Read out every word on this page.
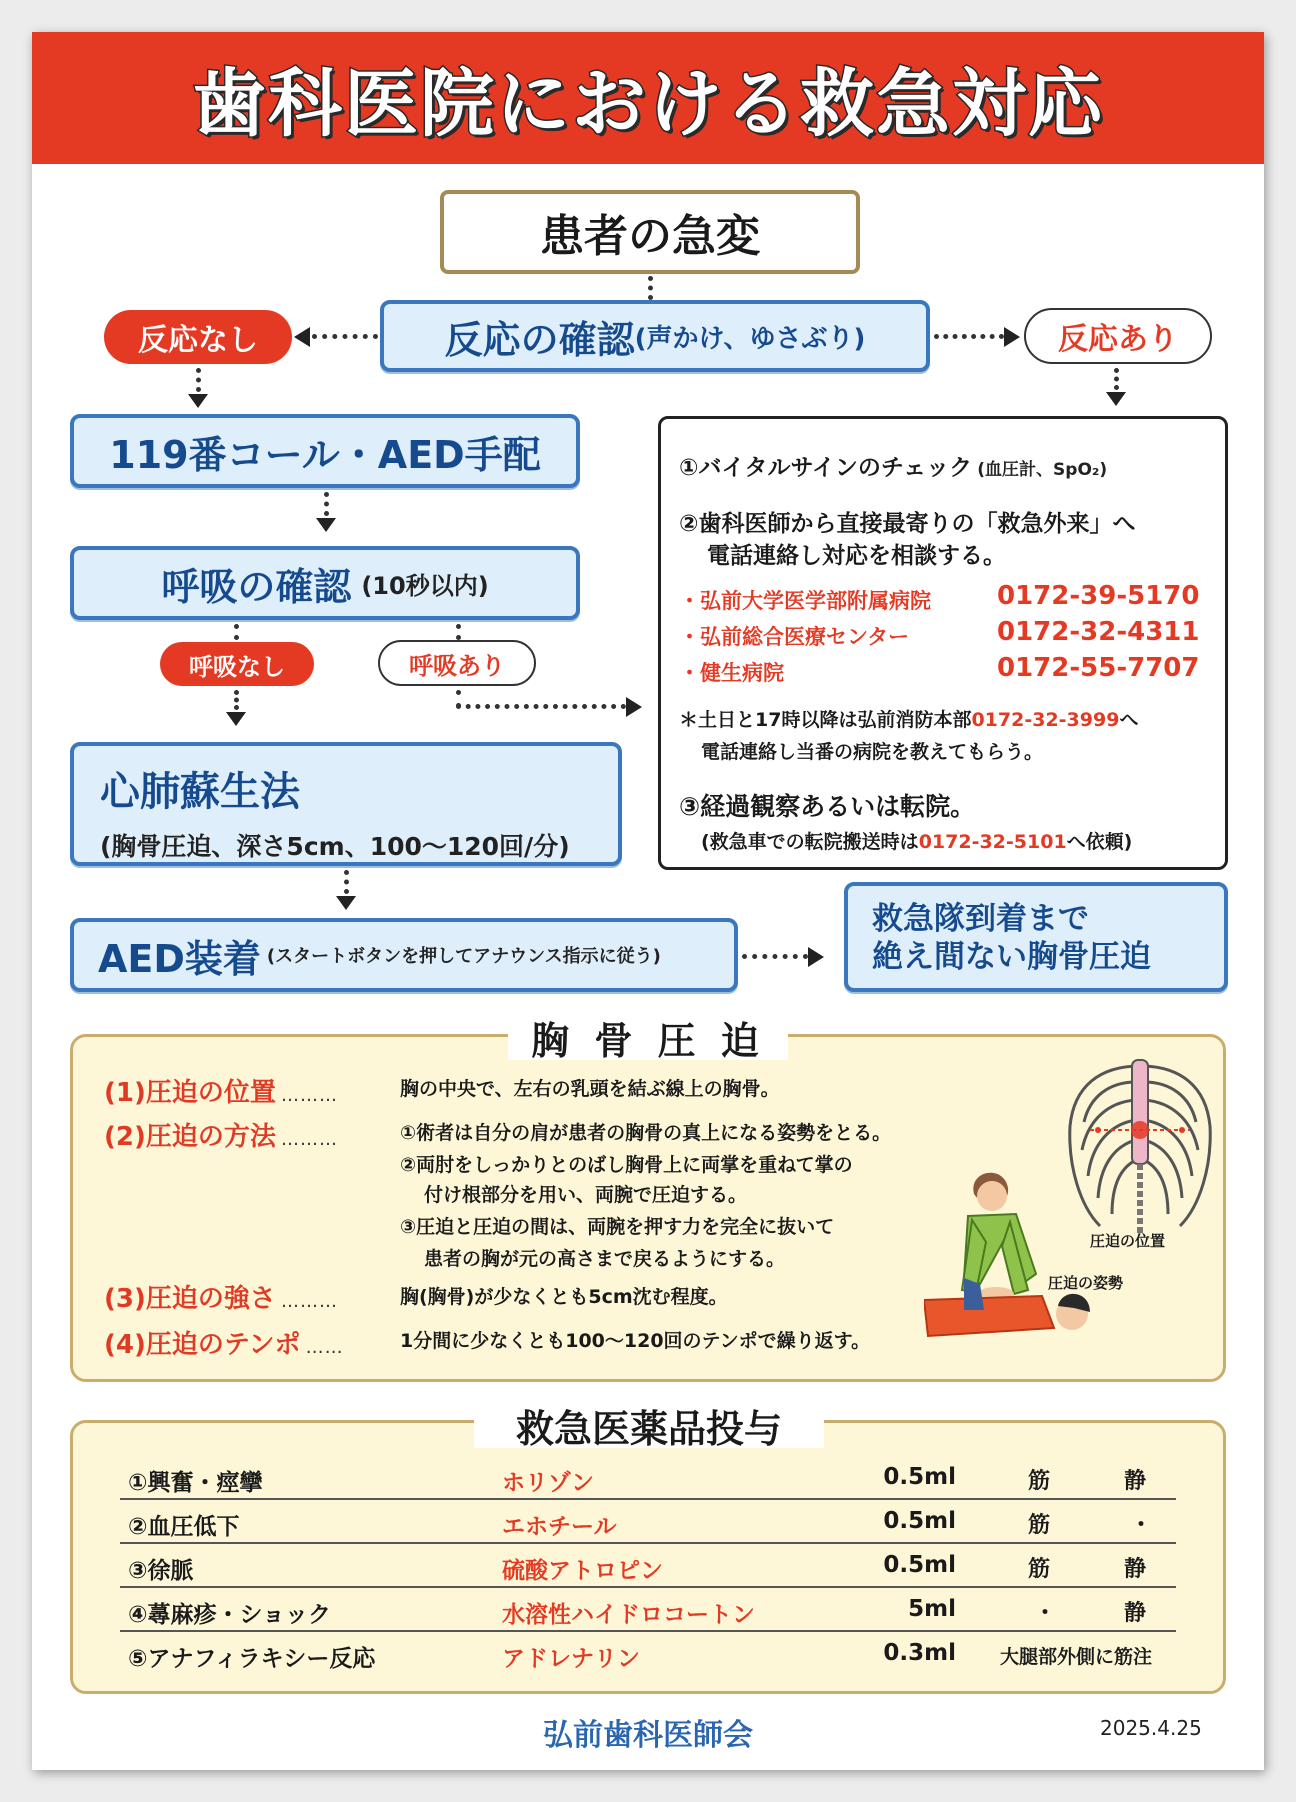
歯科医院における救急対応
患者の急変
反応の確認 (声かけ、ゆさぶり)
反応なし	反応あり
119番コール・AED手配
呼吸の確認 (10秒以内)
呼吸なし	呼吸あり
心肺蘇生法
(胸骨圧迫、深さ5cm、100〜120回/分)
AED装着 (スタートボタンを押してアナウンス指示に従う)
救急隊到着まで
絶え間ない胸骨圧迫
①バイタルサインのチェック (血圧計、SpO₂)
②歯科医師から直接最寄りの「救急外来」へ
電話連絡し対応を相談する。
・弘前大学医学部附属病院	0172-39-5170
・弘前総合医療センター	0172-32-4311
・健生病院	0172-55-7707
＊土日と17時以降は弘前消防本部0172-32-3999へ
電話連絡し当番の病院を教えてもらう。
③経過観察あるいは転院。
(救急車での転院搬送時は0172-32-5101へ依頼)
胸 骨 圧 迫
(1)圧迫の位置 ………	胸の中央で、左右の乳頭を結ぶ線上の胸骨。
(2)圧迫の方法 ………	①術者は自分の肩が患者の胸骨の真上になる姿勢をとる。
②両肘をしっかりとのばし胸骨上に両掌を重ねて掌の
付け根部分を用い、両腕で圧迫する。
③圧迫と圧迫の間は、両腕を押す力を完全に抜いて
患者の胸が元の高さまで戻るようにする。
(3)圧迫の強さ ………	胸(胸骨)が少なくとも5cm沈む程度。
(4)圧迫のテンポ ……	1分間に少なくとも100〜120回のテンポで繰り返す。
圧迫の位置
圧迫の姿勢
救急医薬品投与
①興奮・痙攣	ホリゾン	0.5ml	筋	静
②血圧低下	エホチール	0.5ml	筋	・
③徐脈	硫酸アトロピン	0.5ml	筋	静
④蕁麻疹・ショック	水溶性ハイドロコートン	5ml	・	静
⑤アナフィラキシー反応	アドレナリン	0.3ml 大腿部外側に筋注
弘前歯科医師会	2025.4.25
